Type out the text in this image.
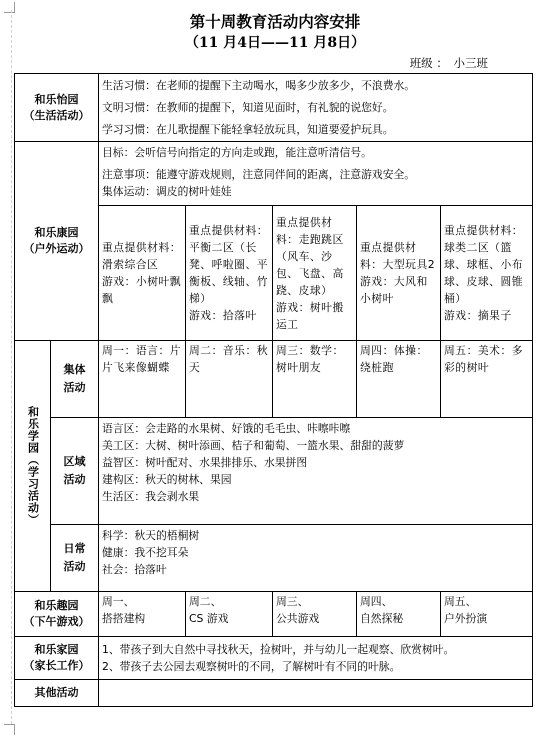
第十周教育活动内容安排
（11 月4日——11 月8日）
班级 ： 小三班
和乐怡园
（生活活动）		生活习惯：在老师的提醒下主动喝水，喝多少放多少，不浪费水。
文明习惯：在教师的提醒下，知道见面时，有礼貌的说您好。
学习习惯：在儿歌提醒下能轻拿轻放玩具，知道要爱护玩具。				

和乐康园
（户外运动）		目标：会听信号向指定的方向走或跑，能注意听清信号。
注意事项：能遵守游戏规则，注意同伴间的距离，注意游戏安全。
集体运动：调皮的树叶娃娃				

		重点提供材料：滑索综合区
游戏：小树叶飘飘	重点提供材料：平衡二区（长凳、呼啦圈、平衡板、线轴、竹梯）
游戏：拾落叶	重点提供材料：走跑跳区（风车、沙包、飞盘、高跷、皮球）
游戏：树叶搬运工	重点提供材料：大型玩具2
游戏：大风和小树叶	重点提供材料：球类二区（篮球、球框、小布球、皮球、圆锥桶）
游戏：摘果子

和乐学园（学习活动）	集体
活动	周一：语言：片片飞来像蝴蝶	周二：音乐：秋天	周三：数学：树叶朋友	周四：体操：绕桩跑	周五：美术：多彩的树叶

	区域
活动	语言区：会走路的水果树、好饿的毛毛虫、咔嚓咔嚓
美工区：大树、树叶添画、桔子和葡萄、一篮水果、甜甜的菠萝
益智区：树叶配对、水果排排乐、水果拼图
建构区：秋天的树林、果园
生活区：我会剥水果				

	日常
活动	科学：秋天的梧桐树
健康：我不挖耳朵
社会：拾落叶				

和乐趣园
（下午游戏）		周一、
搭搭建构	周二、
CS 游戏	周三、
公共游戏	周四、
自然探秘	周五、
户外扮演

和乐家园
（家长工作）		1、带孩子到大自然中寻找秋天，捡树叶，并与幼儿一起观察、欣赏树叶。
2、带孩子去公园去观察树叶的不同，了解树叶有不同的叶脉。				

其他活动						
